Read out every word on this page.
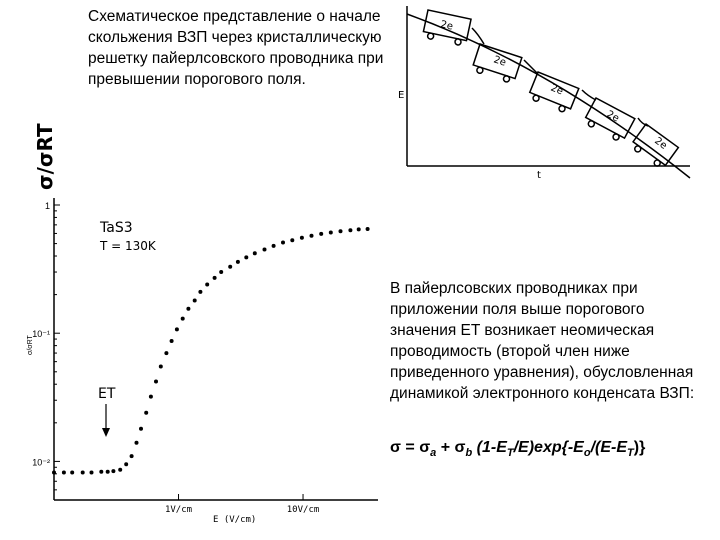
Схематическое представление о начале скольжения ВЗП через кристаллическую решетку пайерлсовского проводника при превышении порогового поля.
2e
2e
2e
2e
2e
E
t
σ/σRT
σ/σRT
1
10⁻¹
10⁻²
1V/cm	10V/cm
TaS3
T = 130K
ET
E (V/cm)
В пайерлсовских проводниках при приложении поля выше порогового значения ET возникает неомическая проводимость (второй член ниже приведенного уравнения), обусловленная динамикой электронного конденсата ВЗП:
$\sigma = \sigma_a + \sigma_b$ $(1-E_T/E)\exp\{-E_o/(E-E_T)\}$
